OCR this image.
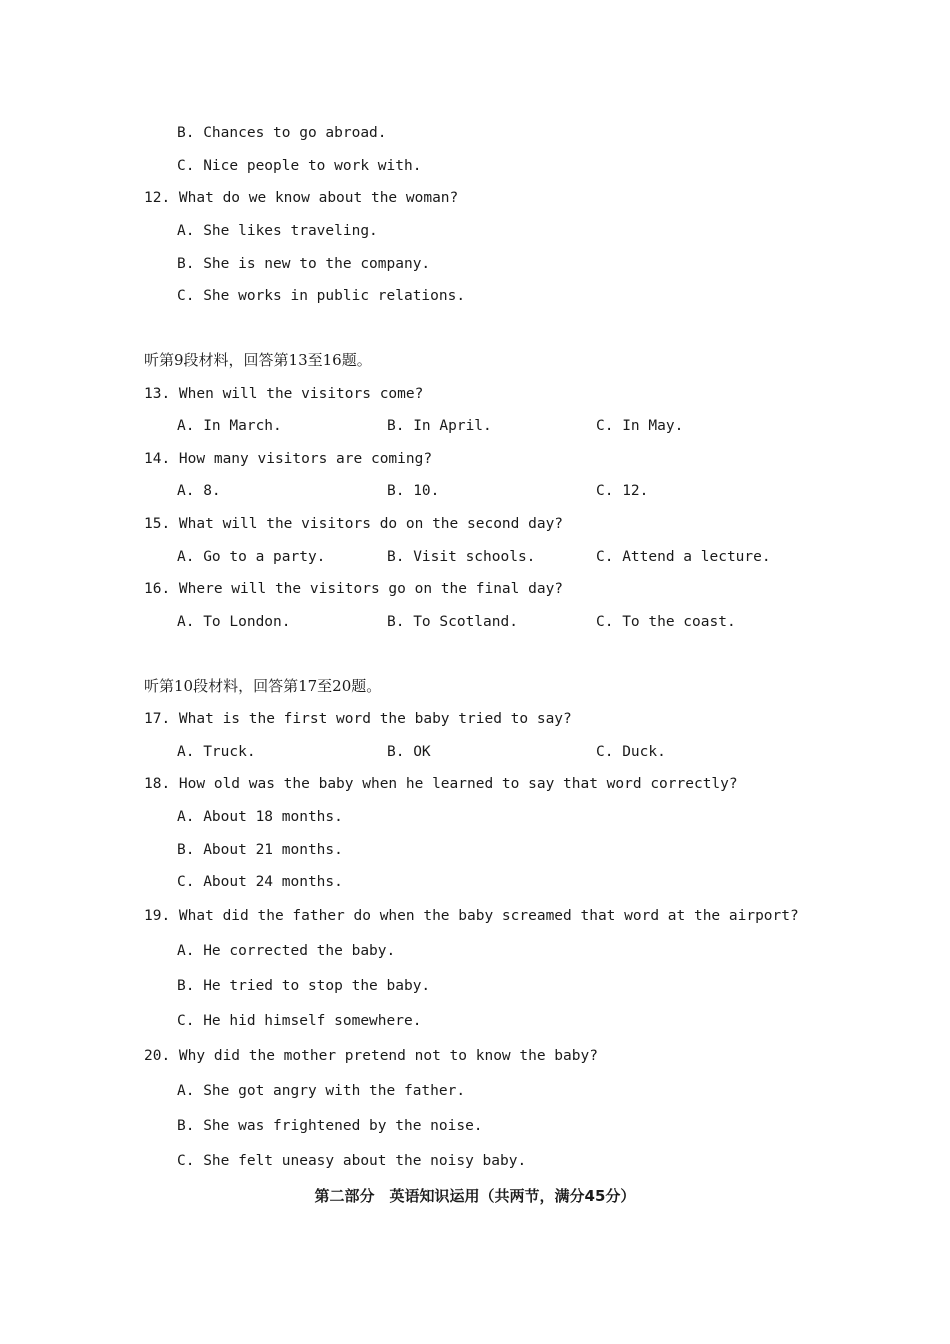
B. Chances to go abroad.
C. Nice people to work with.
12. What do we know about the woman?
A. She likes traveling.
B. She is new to the company.
C. She works in public relations.
听第9段材料，回答第13至16题。
13. When will the visitors come?
A. In March.	B. In April.	C. In May.
14. How many visitors are coming?
A. 8.	B. 10.	C. 12.
15. What will the visitors do on the second day?
A. Go to a party.	B. Visit schools.	C. Attend a lecture.
16. Where will the visitors go on the final day?
A. To London.	B. To Scotland.	C. To the coast.
听第10段材料，回答第17至20题。
17. What is the first word the baby tried to say?
A. Truck.	B. OK	C. Duck.
18. How old was the baby when he learned to say that word correctly?
A. About 18 months.
B. About 21 months.
C. About 24 months.
19. What did the father do when the baby screamed that word at the airport?
A. He corrected the baby.
B. He tried to stop the baby.
C. He hid himself somewhere.
20. Why did the mother pretend not to know the baby?
A. She got angry with the father.
B. She was frightened by the noise.
C. She felt uneasy about the noisy baby.
第二部分　英语知识运用（共两节，满分45分）
